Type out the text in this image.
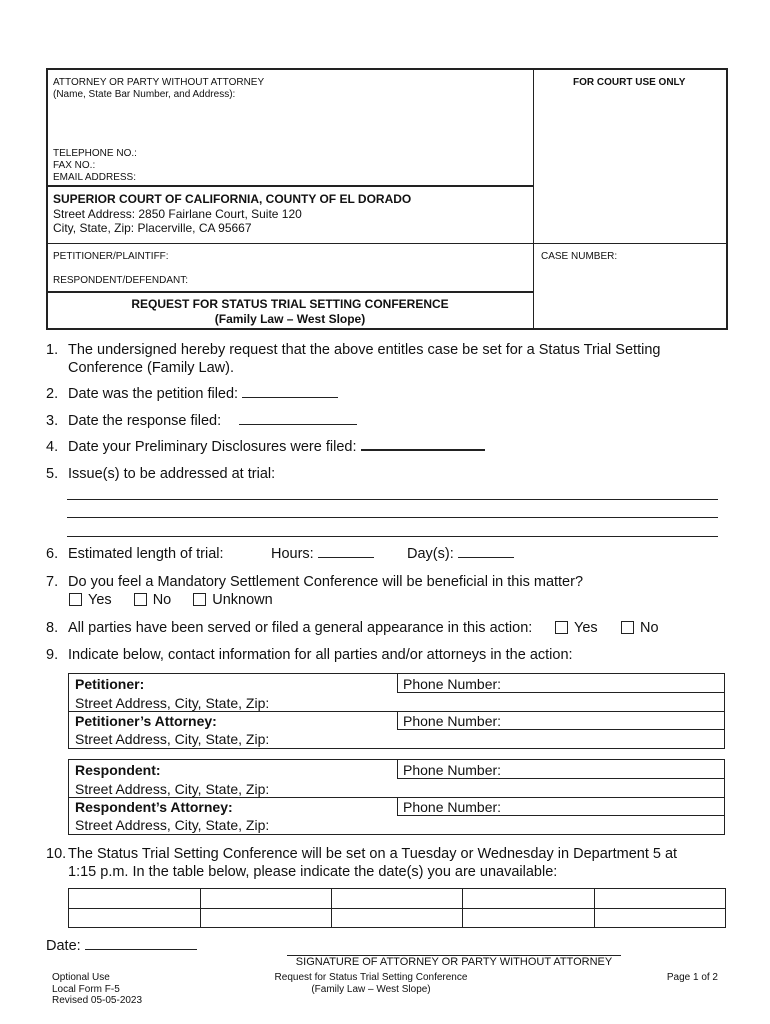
ATTORNEY OR PARTY WITHOUT ATTORNEY
(Name, State Bar Number, and Address):
FOR COURT USE ONLY
TELEPHONE NO.:
FAX NO.:
EMAIL ADDRESS:
SUPERIOR COURT OF CALIFORNIA, COUNTY OF EL DORADO
Street Address: 2850 Fairlane Court, Suite 120
City, State, Zip: Placerville, CA 95667
PETITIONER/PLAINTIFF:
RESPONDENT/DEFENDANT:
CASE NUMBER:
REQUEST FOR STATUS TRIAL SETTING CONFERENCE
(Family Law – West Slope)
1. The undersigned hereby request that the above entitles case be set for a Status Trial Setting
Conference (Family Law).
2. Date was the petition filed:
3. Date the response filed:
4. Date your Preliminary Disclosures were filed:
5. Issue(s) to be addressed at trial:
6. Estimated length of trial:	Hours:	Day(s):
7. Do you feel a Mandatory Settlement Conference will be beneficial in this matter?
Yes	No	Unknown
8. All parties have been served or filed a general appearance in this action:	Yes	No
9. Indicate below, contact information for all parties and/or attorneys in the action:
Petitioner:	Phone Number:
Street Address, City, State, Zip:
Petitioner’s Attorney:	Phone Number:
Street Address, City, State, Zip:
Respondent:	Phone Number:
Street Address, City, State, Zip:
Respondent’s Attorney:	Phone Number:
Street Address, City, State, Zip:
10. The Status Trial Setting Conference will be set on a Tuesday or Wednesday in Department 5 at
1:15 p.m. In the table below, please indicate the date(s) you are unavailable:
Date:
SIGNATURE OF ATTORNEY OR PARTY WITHOUT ATTORNEY
Optional Use
Local Form F-5
Revised 05-05-2023
Request for Status Trial Setting Conference
(Family Law – West Slope)
Page 1 of 2
